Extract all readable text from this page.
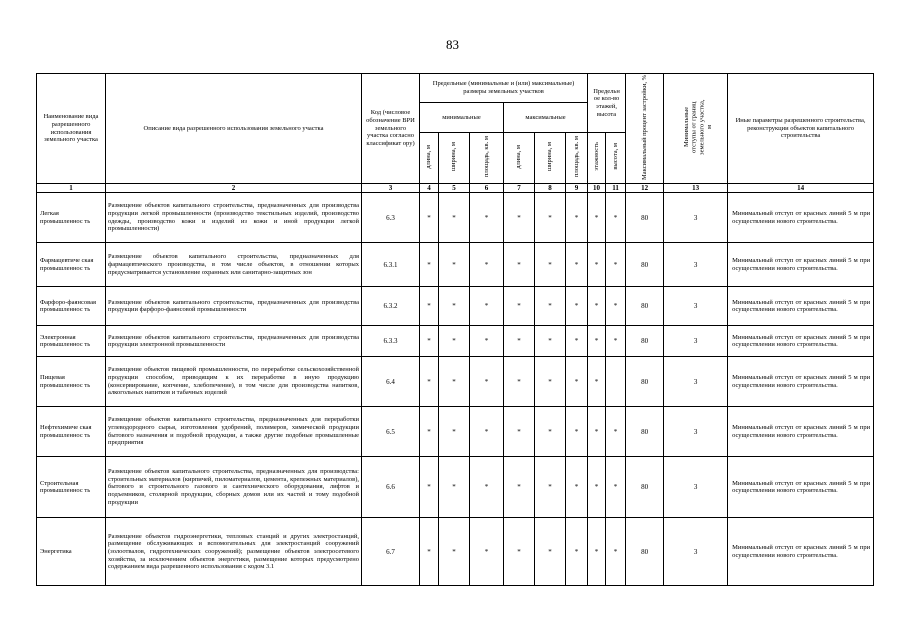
83
Наименование вида разрешенного использования земельного участка	Описание вида разрешенного использования земельного участка	Код (числовое обозначение ВРИ земельного участка согласно классификат ору)	Предельные (минимальные и (или) максимальные) размеры земельных участков						Предельн ое кол-во этажей, высота		Максимальный процент застройки, %	Минимальные отступы от границ земельного участка, м	Иные параметры разрешенного строительства, реконструкции объектов капитального строительства
			минимальные			максимальные							
			длина, м	ширина, м	площадь, кв. м	длина, м	ширина, м	площадь, кв. м	этажность	высота, м			
1	2	3	4	5	6	7	8	9	10	11	12	13	14
Легкая промышленнос ть	Размещение объектов капитального строительства, предназначенных для производства продукции легкой промышленности (производство текстильных изделий, производство одежды, производство кожи и изделий из кожи и иной продукции легкой промышленности)	6.3	*	*	*	*	*	*	*	*	80	3	Минимальный отступ от красных линий 5 м при осуществлении нового строительства.
Фармацевтиче ская промышленнос ть	Размещение объектов капитального строительства, предназначенных для фармацевтического производства, в том числе объектов, в отношении которых предусматривается установление охранных или санитарно-защитных зон	6.3.1	*	*	*	*	*	*	*	*	80	3	Минимальный отступ от красных линий 5 м при осуществлении нового строительства.
Фарфоро-фаянсовая промышленнос ть	Размещение объектов капитального строительства, предназначенных для производства продукции фарфоро-фаянсовой промышленности	6.3.2	*	*	*	*	*	*	*	*	80	3	Минимальный отступ от красных линий 5 м при осуществлении нового строительства.
Электронная промышленнос ть	Размещение объектов капитального строительства, предназначенных для производства продукции электронной промышленности	6.3.3	*	*	*	*	*	*	*	*	80	3	Минимальный отступ от красных линий 5 м при осуществлении нового строительства.
Пищевая промышленнос ть	Размещение объектов пищевой промышленности, по переработке сельскохозяйственной продукции способом, приводящим к их переработке в иную продукцию (консервирование, копчение, хлебопечение), в том числе для производства напитков, алкогольных напитков и табачных изделий	6.4	*	*	*	*	*	*	*		80	3	Минимальный отступ от красных линий 5 м при осуществлении нового строительства.
Нефтехимиче ская промышленнос ть	Размещение объектов капитального строительства, предназначенных для переработки углеводородного сырья, изготовления удобрений, полимеров, химической продукции бытового назначения и подобной продукции, а также другие подобные промышленные предприятия	6.5	*	*	*	*	*	*	*	*	80	3	Минимальный отступ от красных линий 5 м при осуществлении нового строительства.
Строительная промышленнос ть	Размещение объектов капитального строительства, предназначенных для производства: строительных материалов (кирпичей, пиломатериалов, цемента, крепежных материалов), бытового и строительного газового и сантехнического оборудования, лифтов и подъемников, столярной продукции, сборных домов или их частей и тому подобной продукции	6.6	*	*	*	*	*	*	*	*	80	3	Минимальный отступ от красных линий 5 м при осуществлении нового строительства.
Энергетика	Размещение объектов гидроэнергетики, тепловых станций и других электростанций, размещение обслуживающих и вспомогательных для электростанций сооружений (золоотвалов, гидротехнических сооружений); размещение объектов электросетевого хозяйства, за исключением объектов энергетики, размещение которых предусмотрено содержанием вида разрешенного использования с кодом 3.1	6.7	*	*	*	*	*	*	*	*	80	3	Минимальный отступ от красных линий 5 м при осуществлении нового строительства.
